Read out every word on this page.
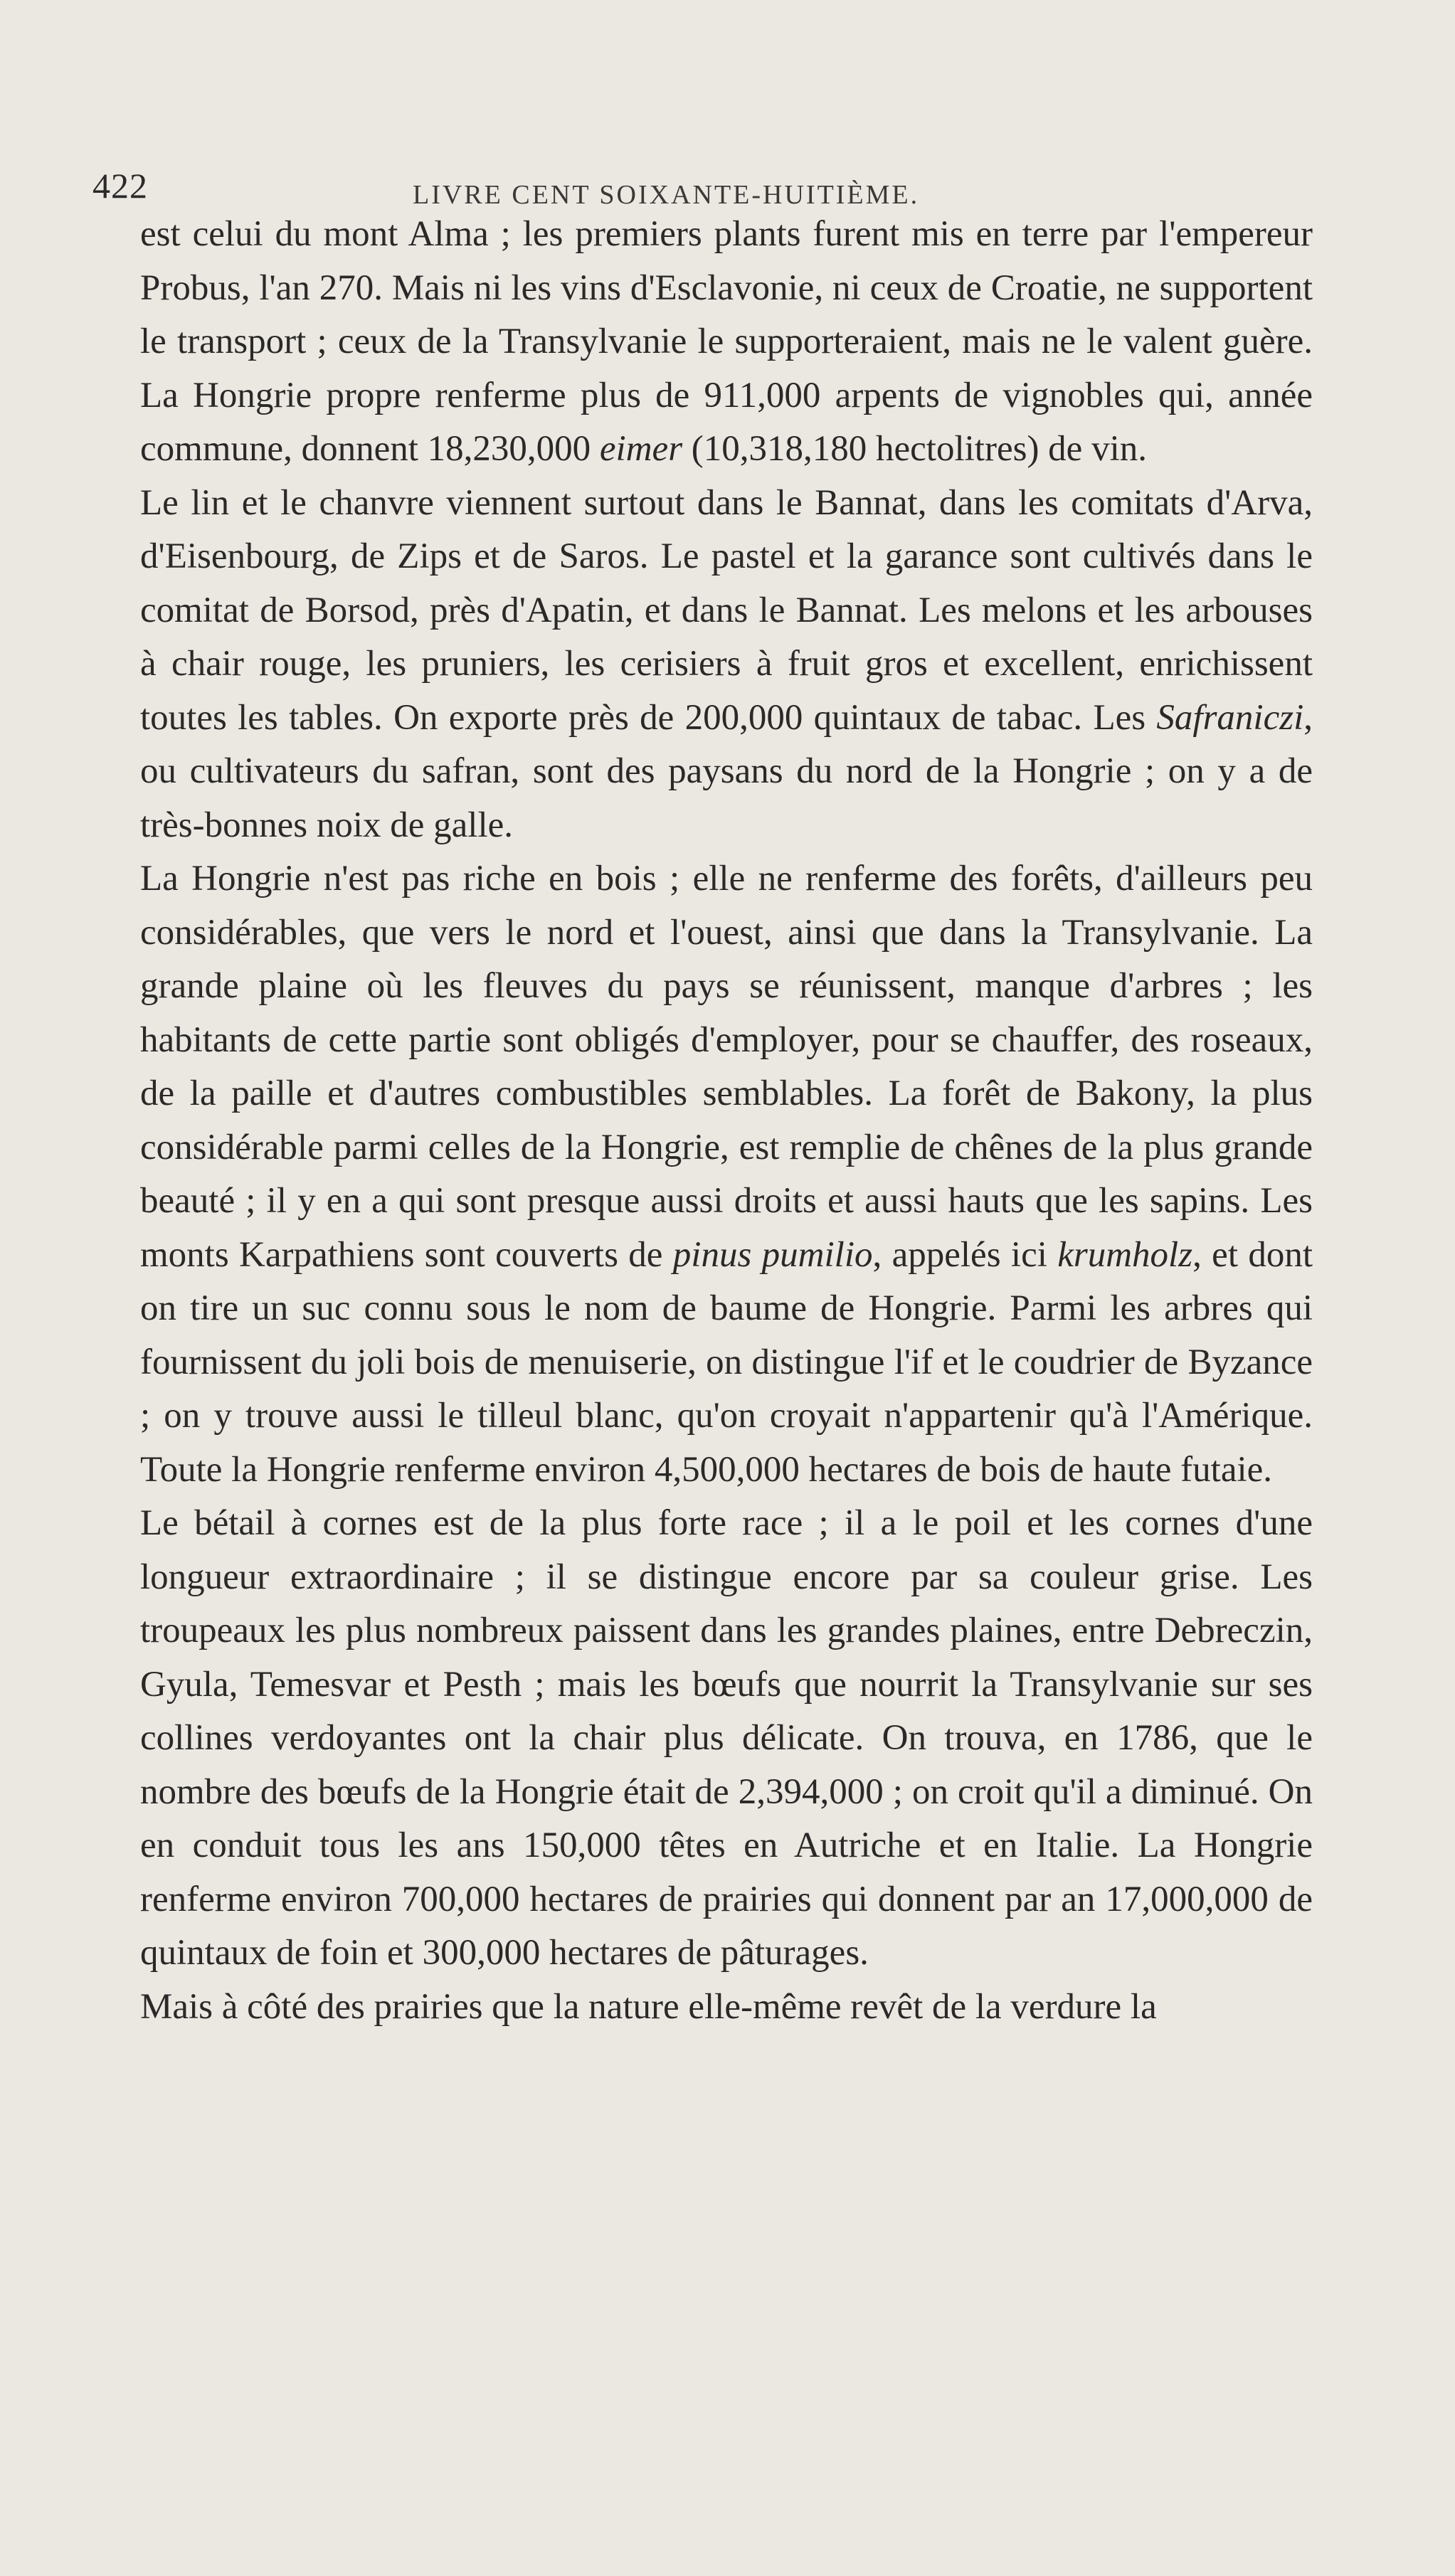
422	LIVRE CENT SOIXANTE-HUITIÈME.

est celui du mont Alma ; les premiers plants furent mis en terre par l'empereur Probus, l'an 270. Mais ni les vins d'Esclavonie, ni ceux de Croatie, ne supportent le transport ; ceux de la Transylvanie le supporteraient, mais ne le valent guère. La Hongrie propre renferme plus de 911,000 arpents de vignobles qui, année commune, donnent 18,230,000 eimer (10,318,180 hectolitres) de vin.

Le lin et le chanvre viennent surtout dans le Bannat, dans les comitats d'Arva, d'Eisenbourg, de Zips et de Saros. Le pastel et la garance sont cultivés dans le comitat de Borsod, près d'Apatin, et dans le Bannat. Les melons et les arbouses à chair rouge, les pruniers, les cerisiers à fruit gros et excellent, enrichissent toutes les tables. On exporte près de 200,000 quintaux de tabac. Les Safraniczi, ou cultivateurs du safran, sont des paysans du nord de la Hongrie ; on y a de très-bonnes noix de galle.

La Hongrie n'est pas riche en bois ; elle ne renferme des forêts, d'ailleurs peu considérables, que vers le nord et l'ouest, ainsi que dans la Transylvanie. La grande plaine où les fleuves du pays se réunissent, manque d'arbres ; les habitants de cette partie sont obligés d'employer, pour se chauffer, des roseaux, de la paille et d'autres combustibles semblables. La forêt de Bakony, la plus considérable parmi celles de la Hongrie, est remplie de chênes de la plus grande beauté ; il y en a qui sont presque aussi droits et aussi hauts que les sapins. Les monts Karpathiens sont couverts de pinus pumilio, appelés ici krumholz, et dont on tire un suc connu sous le nom de baume de Hongrie. Parmi les arbres qui fournissent du joli bois de menuiserie, on distingue l'if et le coudrier de Byzance ; on y trouve aussi le tilleul blanc, qu'on croyait n'appartenir qu'à l'Amérique. Toute la Hongrie renferme environ 4,500,000 hectares de bois de haute futaie.

Le bétail à cornes est de la plus forte race ; il a le poil et les cornes d'une longueur extraordinaire ; il se distingue encore par sa couleur grise. Les troupeaux les plus nombreux paissent dans les grandes plaines, entre Debreczin, Gyula, Temesvar et Pesth ; mais les bœufs que nourrit la Transylvanie sur ses collines verdoyantes ont la chair plus délicate. On trouva, en 1786, que le nombre des bœufs de la Hongrie était de 2,394,000 ; on croit qu'il a diminué. On en conduit tous les ans 150,000 têtes en Autriche et en Italie. La Hongrie renferme environ 700,000 hectares de prairies qui donnent par an 17,000,000 de quintaux de foin et 300,000 hectares de pâturages.

Mais à côté des prairies que la nature elle-même revêt de la verdure la
